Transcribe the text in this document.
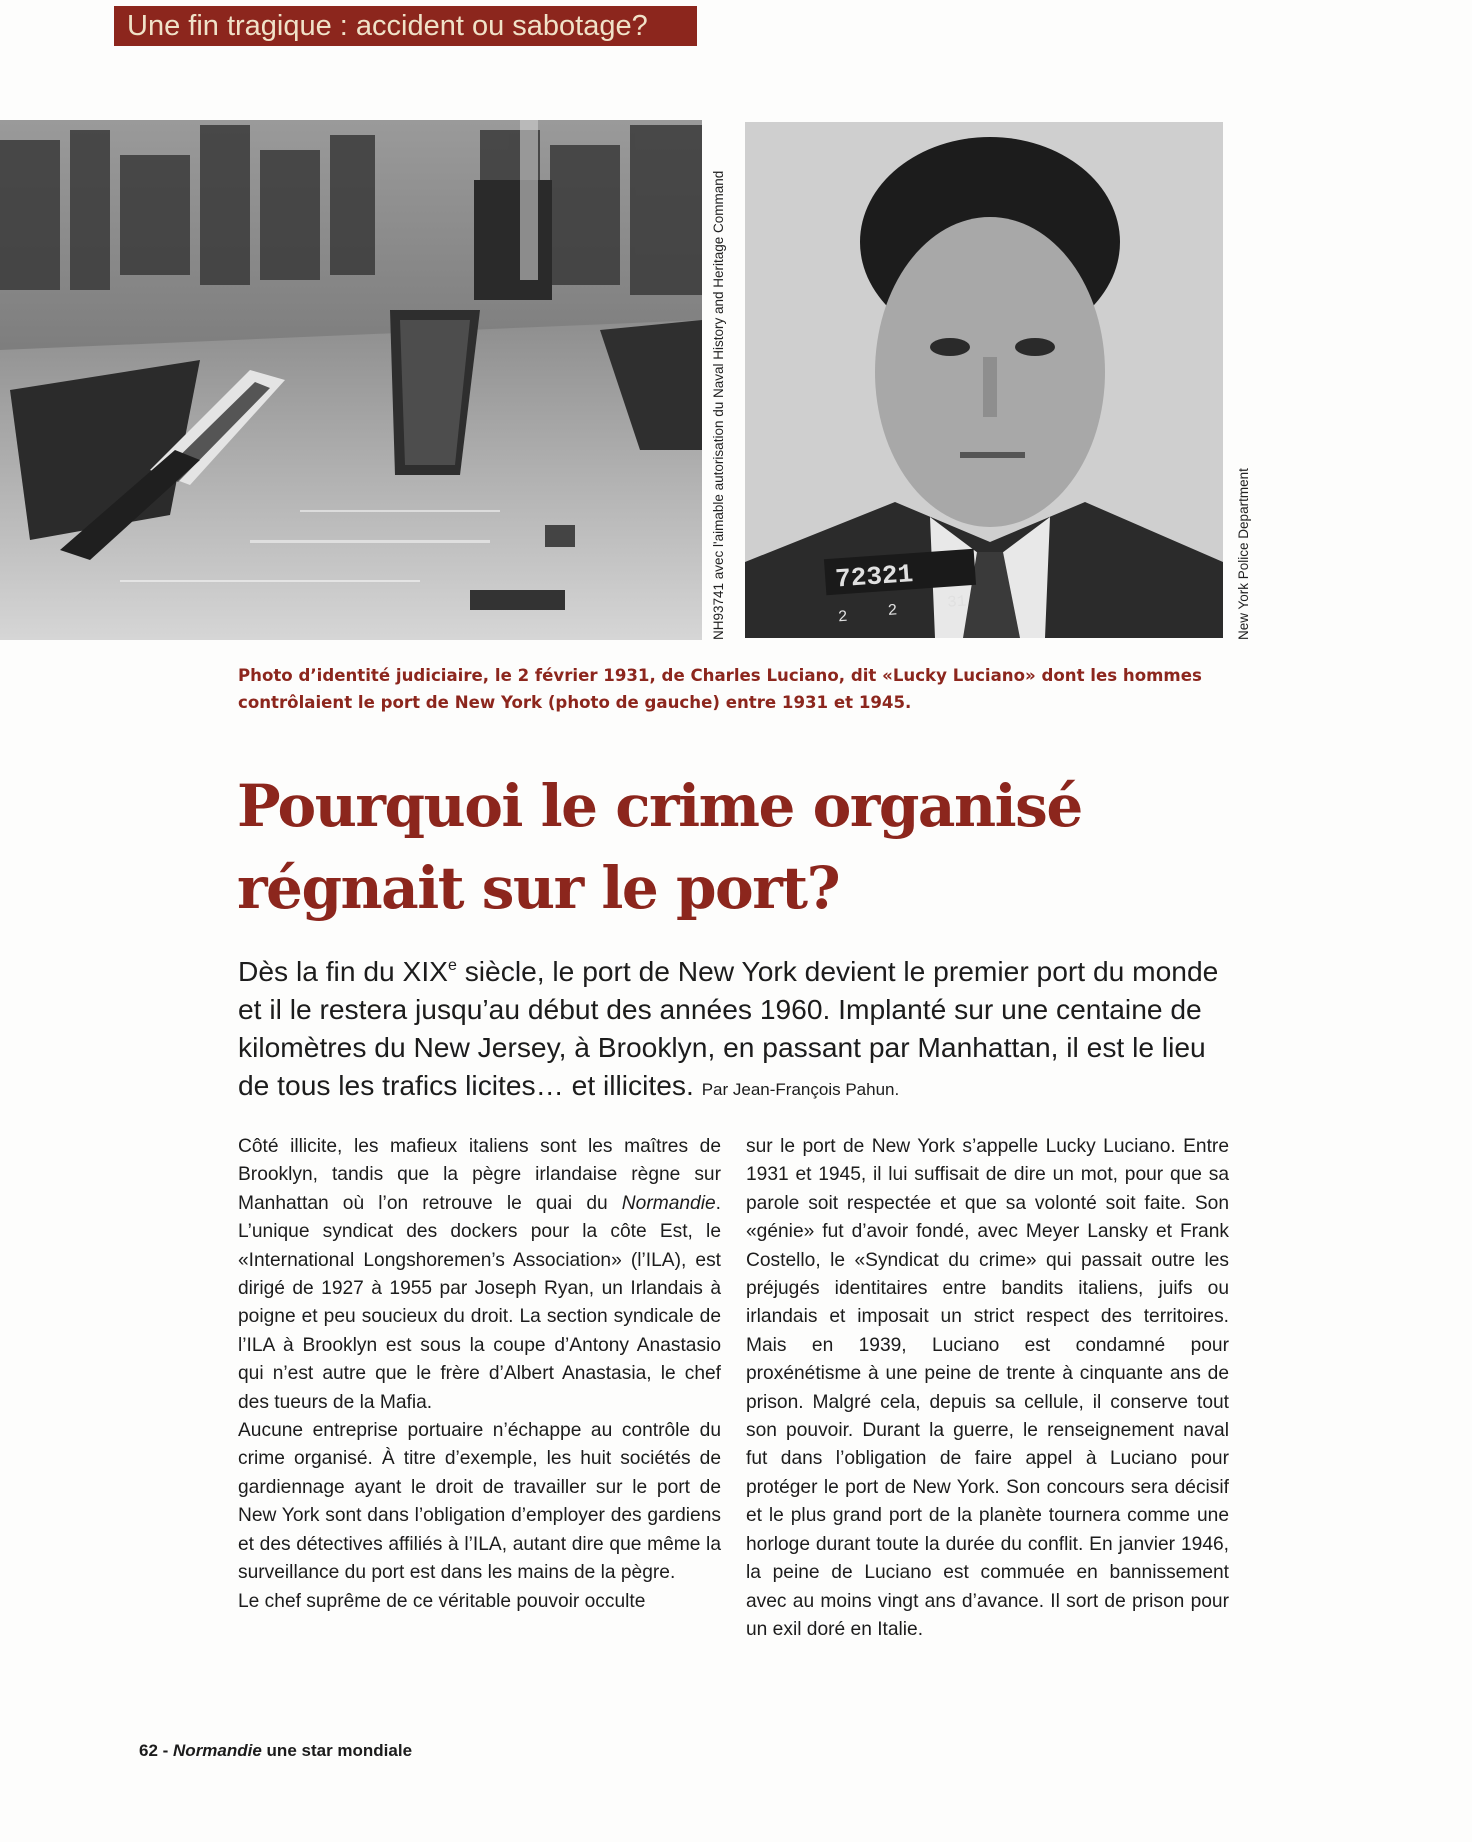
Une fin tragique : accident ou sabotage?
NH93741 avec l'aimable autorisation du Naval History and Heritage Command	72321
2 2	31	New York Police Department
Photo d’identité judiciaire, le 2 février 1931, de Charles Luciano, dit «Lucky Luciano» dont les hommes contrôlaient le port de New York (photo de gauche) entre 1931 et 1945.
Pourquoi le crime organisé
régnait sur le port?
Dès la fin du XIXe siècle, le port de New York devient le premier port du monde et il le restera jusqu’au début des années 1960. Implanté sur une centaine de kilomètres du New Jersey, à Brooklyn, en passant par Manhattan, il est le lieu de tous les trafics licites… et illicites. Par Jean-François Pahun.

Côté illicite, les mafieux italiens sont les maîtres de Brooklyn, tandis que la pègre irlandaise règne sur Manhattan où l’on retrouve le quai du Normandie. L’unique syndicat des dockers pour la côte Est, le «International Longshoremen’s Association» (l’ILA), est dirigé de 1927 à 1955 par Joseph Ryan, un Irlandais à poigne et peu soucieux du droit. La section syndicale de l’ILA à Brooklyn est sous la coupe d’Antony Anastasio qui n’est autre que le frère d’Albert Anastasia, le chef des tueurs de la Mafia.

Aucune entreprise portuaire n’échappe au contrôle du crime organisé. À titre d’exemple, les huit sociétés de gardiennage ayant le droit de travailler sur le port de New York sont dans l’obligation d’employer des gardiens et des détectives affiliés à l’ILA, autant dire que même la surveillance du port est dans les mains de la pègre.

Le chef suprême de ce véritable pouvoir occulte

sur le port de New York s’appelle Lucky Luciano. Entre 1931 et 1945, il lui suffisait de dire un mot, pour que sa parole soit respectée et que sa volonté soit faite. Son «génie» fut d’avoir fondé, avec Meyer Lansky et Frank Costello, le «Syndicat du crime» qui passait outre les préjugés identitaires entre bandits italiens, juifs ou irlandais et imposait un strict respect des territoires. Mais en 1939, Luciano est condamné pour proxénétisme à une peine de trente à cinquante ans de prison. Malgré cela, depuis sa cellule, il conserve tout son pouvoir. Durant la guerre, le renseignement naval fut dans l’obligation de faire appel à Luciano pour protéger le port de New York. Son concours sera décisif et le plus grand port de la planète tournera comme une horloge durant toute la durée du conflit. En janvier 1946, la peine de Luciano est commuée en bannissement avec au moins vingt ans d’avance. Il sort de prison pour un exil doré en Italie.

62 - Normandie une star mondiale
